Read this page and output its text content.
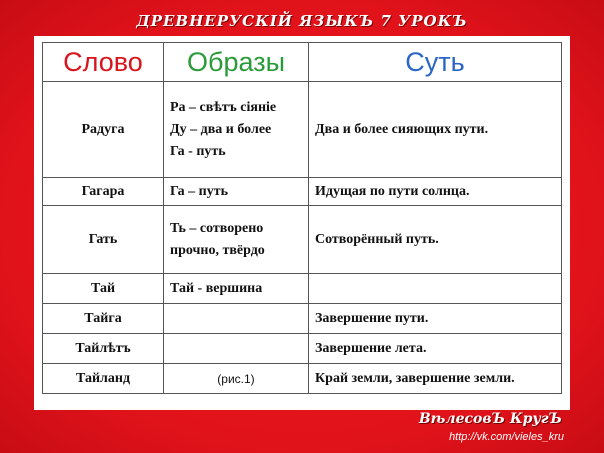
ДРЕВНЕРУСКІЙ ЯЗЫКЪ 7 УРОКЪ
Слово	Образы	Суть
Радуга	Ра – свѣтъ сіяніе
Ду – два и более
Га - путь	Два и более сияющих пути.
Гагара	Га – путь	Идущая по пути солнца.
Гать	Ть – сотворено
прочно, твёрдо	Сотворённый путь.
Тай	Тай - вершина	

Тайга		Завершение пути.
Тайлѣтъ		Завершение лета.
Тайланд	(рис.1)	Край земли, завершение земли.
ВѣлесовЪ КругЪ
http://vk.com/vieles_kru
